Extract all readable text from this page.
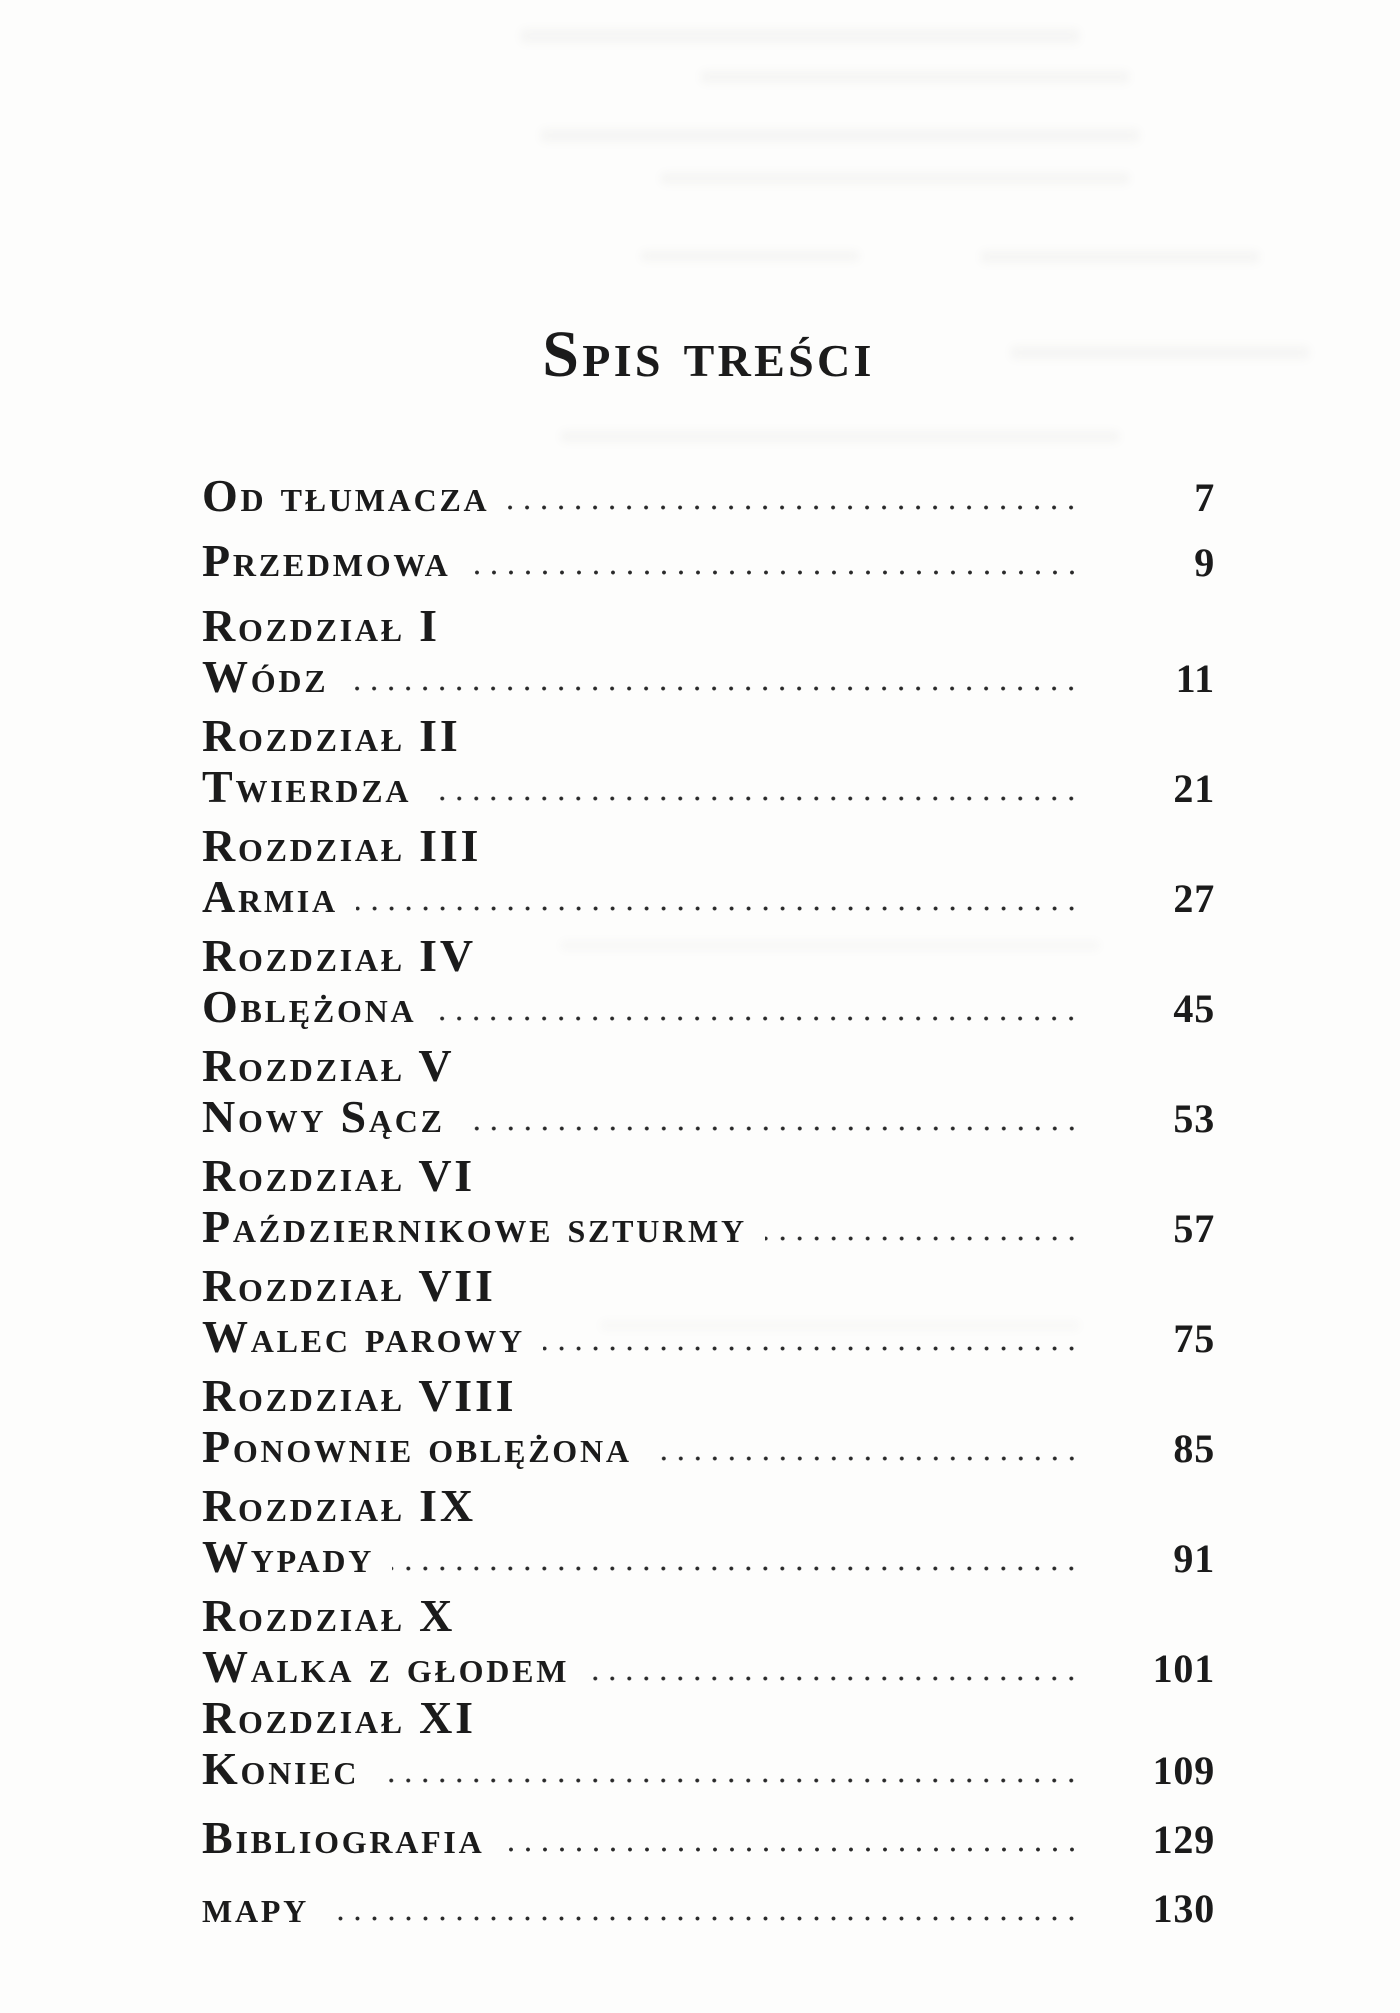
Spis treści
Od tłumacza	7
Przedmowa	9
Rozdział I
Wódz	11
Rozdział II
Twierdza	21
Rozdział III
Armia	27
Rozdział IV
Oblężona	45
Rozdział V
Nowy Sącz	53
Rozdział VI
Październikowe szturmy	57
Rozdział VII
Walec parowy	75
Rozdział VIII
Ponownie oblężona	85
Rozdział IX
Wypady	91
Rozdział X
Walka z głodem	101
Rozdział XI
Koniec	109
Bibliografia	129
mapy	130
